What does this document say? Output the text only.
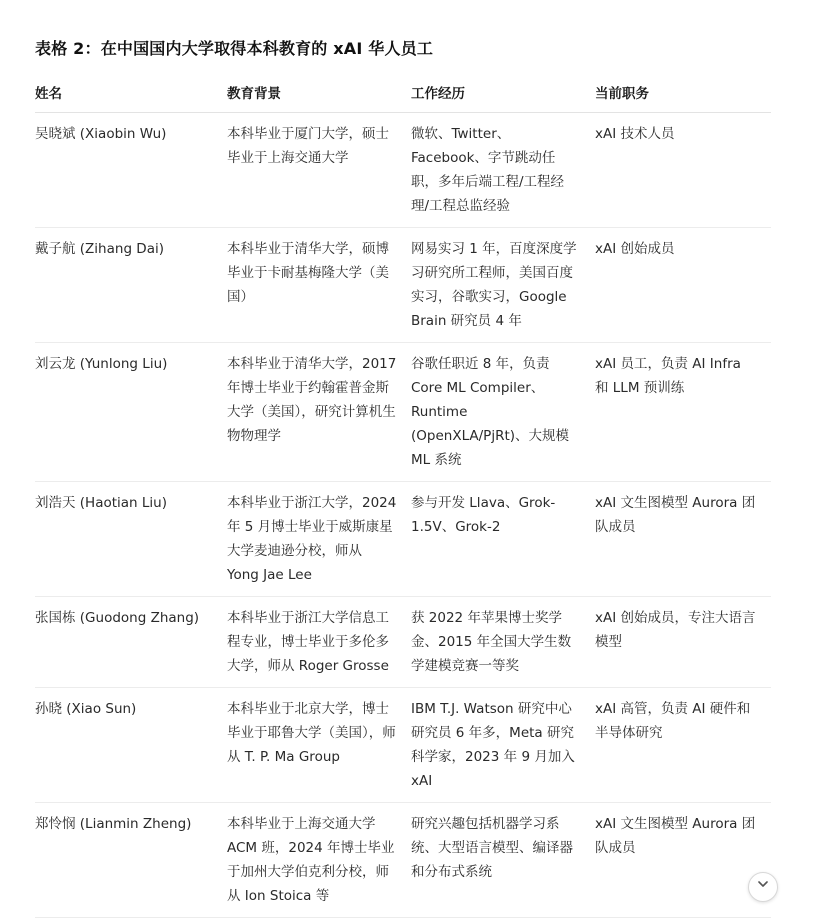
表格 2：在中国国内大学取得本科教育的 xAI 华人员工
姓名	教育背景	工作经历	当前职务
吴晓斌 (Xiaobin Wu)	本科毕业于厦门大学，硕士毕业于上海交通大学	微软、Twitter、Facebook、字节跳动任职，多年后端工程/工程经理/工程总监经验	xAI 技术人员
戴子航 (Zihang Dai)	本科毕业于清华大学，硕博毕业于卡耐基梅隆大学（美国）	网易实习 1 年，百度深度学习研究所工程师，美国百度实习，谷歌实习，Google Brain 研究员 4 年	xAI 创始成员
刘云龙 (Yunlong Liu)	本科毕业于清华大学，2017 年博士毕业于约翰霍普金斯大学（美国），研究计算机生物物理学	谷歌任职近 8 年，负责 Core ML Compiler、Runtime (OpenXLA/PjRt)、大规模 ML 系统	xAI 员工，负责 AI Infra 和 LLM 预训练
刘浩天 (Haotian Liu)	本科毕业于浙江大学，2024 年 5 月博士毕业于威斯康星大学麦迪逊分校，师从 Yong Jae Lee	参与开发 Llava、Grok-1.5V、Grok-2	xAI 文生图模型 Aurora 团队成员
张国栋 (Guodong Zhang)	本科毕业于浙江大学信息工程专业，博士毕业于多伦多大学，师从 Roger Grosse	获 2022 年苹果博士奖学金、2015 年全国大学生数学建模竞赛一等奖	xAI 创始成员，专注大语言模型
孙晓 (Xiao Sun)	本科毕业于北京大学，博士毕业于耶鲁大学（美国），师从 T. P. Ma Group	IBM T.J. Watson 研究中心研究员 6 年多，Meta 研究科学家，2023 年 9 月加入 xAI	xAI 高管，负责 AI 硬件和半导体研究
郑怜悯 (Lianmin Zheng)	本科毕业于上海交通大学 ACM 班，2024 年博士毕业于加州大学伯克利分校，师从 Ion Stoica 等	研究兴趣包括机器学习系统、大型语言模型、编译器和分布式系统	xAI 文生图模型 Aurora 团队成员
